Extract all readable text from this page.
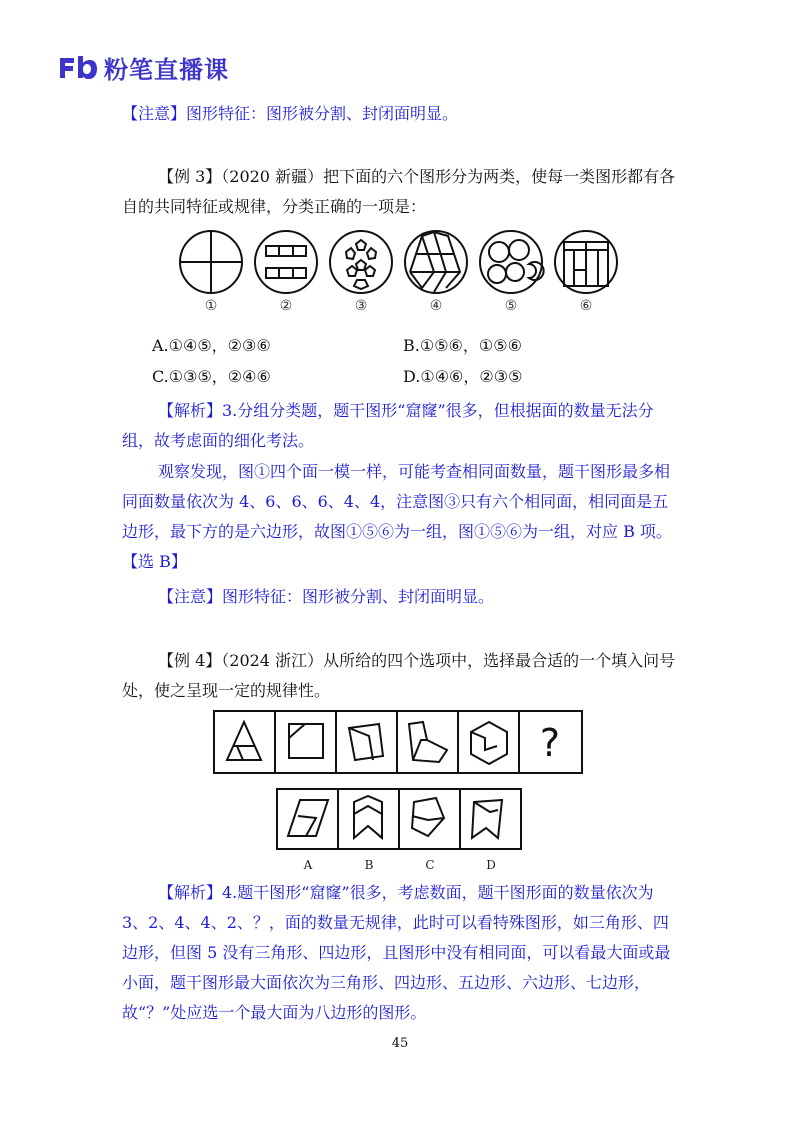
粉笔直播课
【注意】图形特征：图形被分割、封闭面明显。
【例 3】（2020 新疆）把下面的六个图形分为两类，使每一类图形都有各自的共同特征或规律，分类正确的一项是：
①	②	③	④	⑤	⑥
A.①④⑤，②③⑥	B.①⑤⑥，①⑤⑥
C.①③⑤，②④⑥	D.①④⑥，②③⑤
【解析】3.分组分类题，题干图形“窟窿”很多，但根据面的数量无法分组，故考虑面的细化考法。
观察发现，图①四个面一模一样，可能考查相同面数量，题干图形最多相同面数量依次为 4、6、6、6、4、4，注意图③只有六个相同面，相同面是五边形，最下方的是六边形，故图①⑤⑥为一组，图①⑤⑥为一组，对应 B 项。【选 B】
【注意】图形特征：图形被分割、封闭面明显。
【例 4】（2024 浙江）从所给的四个选项中，选择最合适的一个填入问号处，使之呈现一定的规律性。
?
A	B	C	D
【解析】4.题干图形“窟窿”很多，考虑数面，题干图形面的数量依次为 3、2、4、4、2、？，面的数量无规律，此时可以看特殊图形，如三角形、四边形，但图 5 没有三角形、四边形，且图形中没有相同面，可以看最大面或最小面，题干图形最大面依次为三角形、四边形、五边形、六边形、七边形，故“？”处应选一个最大面为八边形的图形。
45
